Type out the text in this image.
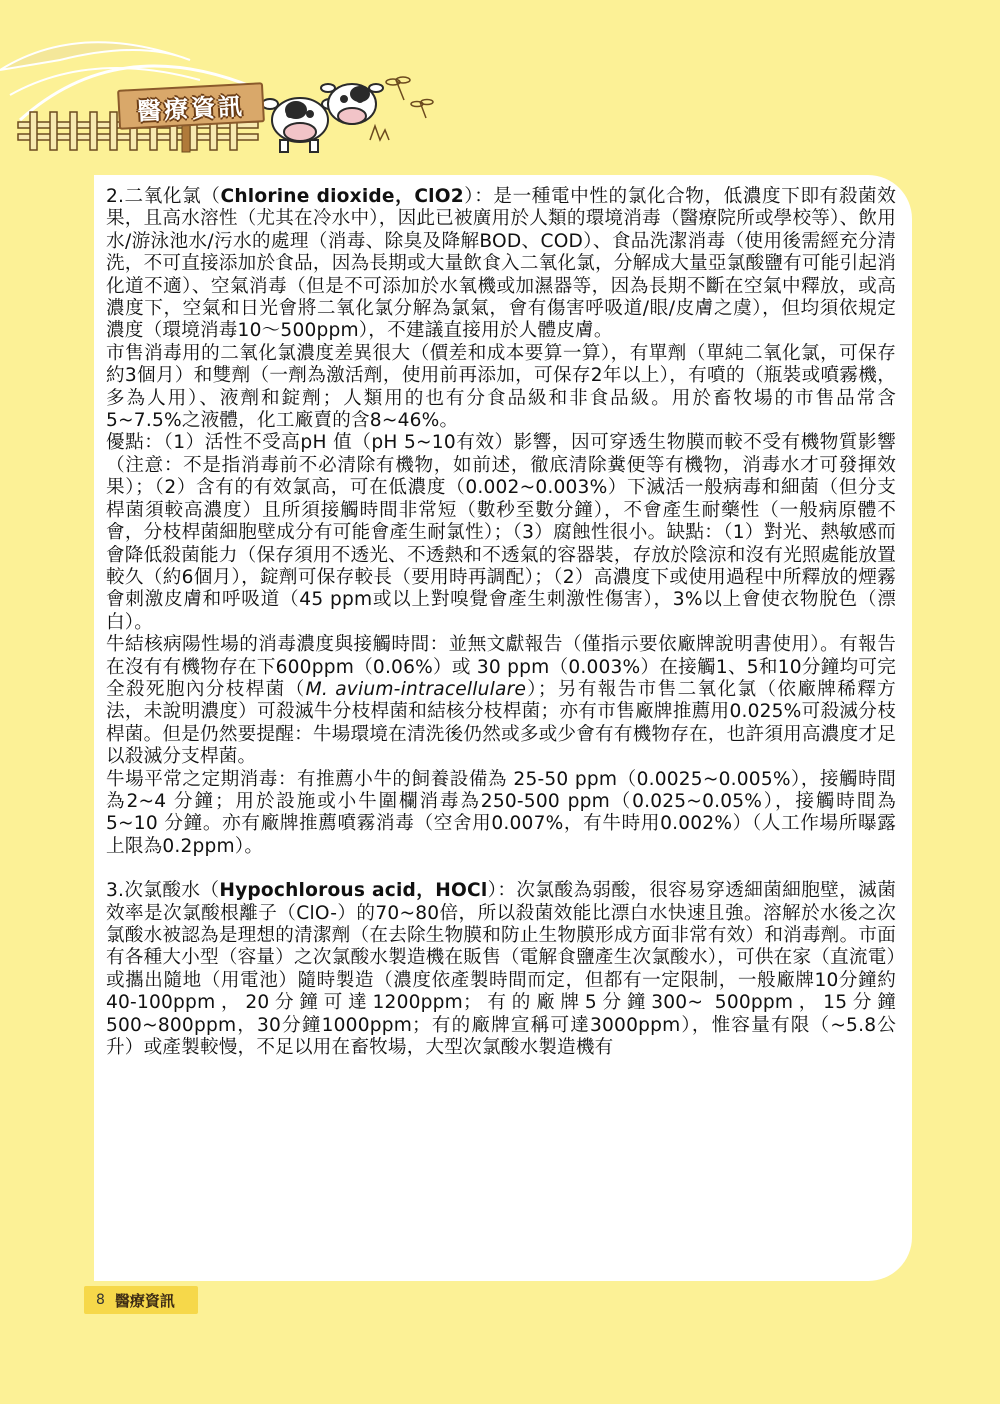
醫療資訊

2.二氧化氯（Chlorine dioxide，ClO2）：是一種電中性的氯化合物，低濃度下即有殺菌效果，且高水溶性（尤其在冷水中），因此已被廣用於人類的環境消毒（醫療院所或學校等）、飲用水/游泳池水/污水的處理（消毒、除臭及降解BOD、COD）、食品洗潔消毒（使用後需經充分清洗，不可直接添加於食品，因為長期或大量飲食入二氧化氯，分解成大量亞氯酸鹽有可能引起消化道不適）、空氣消毒（但是不可添加於水氧機或加濕器等，因為長期不斷在空氣中釋放，或高濃度下，空氣和日光會將二氧化氯分解為氯氣，會有傷害呼吸道/眼/皮膚之虞），但均須依規定濃度（環境消毒10～500ppm），不建議直接用於人體皮膚。

市售消毒用的二氧化氯濃度差異很大（價差和成本要算一算），有單劑（單純二氧化氯，可保存約3個月）和雙劑（一劑為激活劑，使用前再添加，可保存2年以上），有噴的（瓶裝或噴霧機，多為人用）、液劑和錠劑；人類用的也有分食品級和非食品級。用於畜牧場的市售品常含5~7.5%之液體，化工廠賣的含8~46%。

優點：（1）活性不受高pH 值（pH 5~10有效）影響，因可穿透生物膜而較不受有機物質影響（注意：不是指消毒前不必清除有機物，如前述，徹底清除糞便等有機物，消毒水才可發揮效果）；（2）含有的有效氯高，可在低濃度（0.002~0.003%）下滅活一般病毒和細菌（但分支桿菌須較高濃度）且所須接觸時間非常短（數秒至數分鐘），不會產生耐藥性（一般病原體不會，分枝桿菌細胞壁成分有可能會產生耐氯性）；（3）腐蝕性很小。缺點：（1）對光、熱敏感而會降低殺菌能力（保存須用不透光、不透熱和不透氣的容器裝，存放於陰涼和沒有光照處能放置較久（約6個月），錠劑可保存較長（要用時再調配）；（2）高濃度下或使用過程中所釋放的煙霧會刺激皮膚和呼吸道（45 ppm或以上對嗅覺會產生刺激性傷害），3%以上會使衣物脫色（漂白）。

牛結核病陽性場的消毒濃度與接觸時間：並無文獻報告（僅指示要依廠牌說明書使用）。有報告在沒有有機物存在下600ppm（0.06%）或 30 ppm（0.003%）在接觸1、5和10分鐘均可完全殺死胞內分枝桿菌（M. avium-intracellulare）；另有報告市售二氧化氯（依廠牌稀釋方法，未說明濃度）可殺滅牛分枝桿菌和結核分枝桿菌；亦有市售廠牌推薦用0.025%可殺滅分枝桿菌。但是仍然要提醒：牛場環境在清洗後仍然或多或少會有有機物存在，也許須用高濃度才足以殺滅分支桿菌。

牛場平常之定期消毒：有推薦小牛的飼養設備為 25-50 ppm（0.0025~0.005%），接觸時間為2~4 分鐘；用於設施或小牛圍欄消毒為250-500 ppm（0.025~0.05%），接觸時間為5~10 分鐘。亦有廠牌推薦噴霧消毒（空舍用0.007%，有牛時用0.002%）（人工作場所曝露上限為0.2ppm）。

3.次氯酸水（Hypochlorous acid，HOCl）：次氯酸為弱酸，很容易穿透細菌細胞壁，滅菌效率是次氯酸根離子（ClO-）的70~80倍，所以殺菌效能比漂白水快速且強。溶解於水後之次氯酸水被認為是理想的清潔劑（在去除生物膜和防止生物膜形成方面非常有效）和消毒劑。市面有各種大小型（容量）之次氯酸水製造機在販售（電解食鹽產生次氯酸水），可供在家（直流電）或攜出隨地（用電池）隨時製造（濃度依產製時間而定，但都有一定限制，一般廠牌10分鐘約40-100ppm，20分鐘可達1200ppm；有的廠牌5分鐘300~ 500ppm，15分鐘500~800ppm，30分鐘1000ppm；有的廠牌宣稱可達3000ppm），惟容量有限（~5.8公升）或產製較慢，不足以用在畜牧場，大型次氯酸水製造機有

8 醫療資訊
